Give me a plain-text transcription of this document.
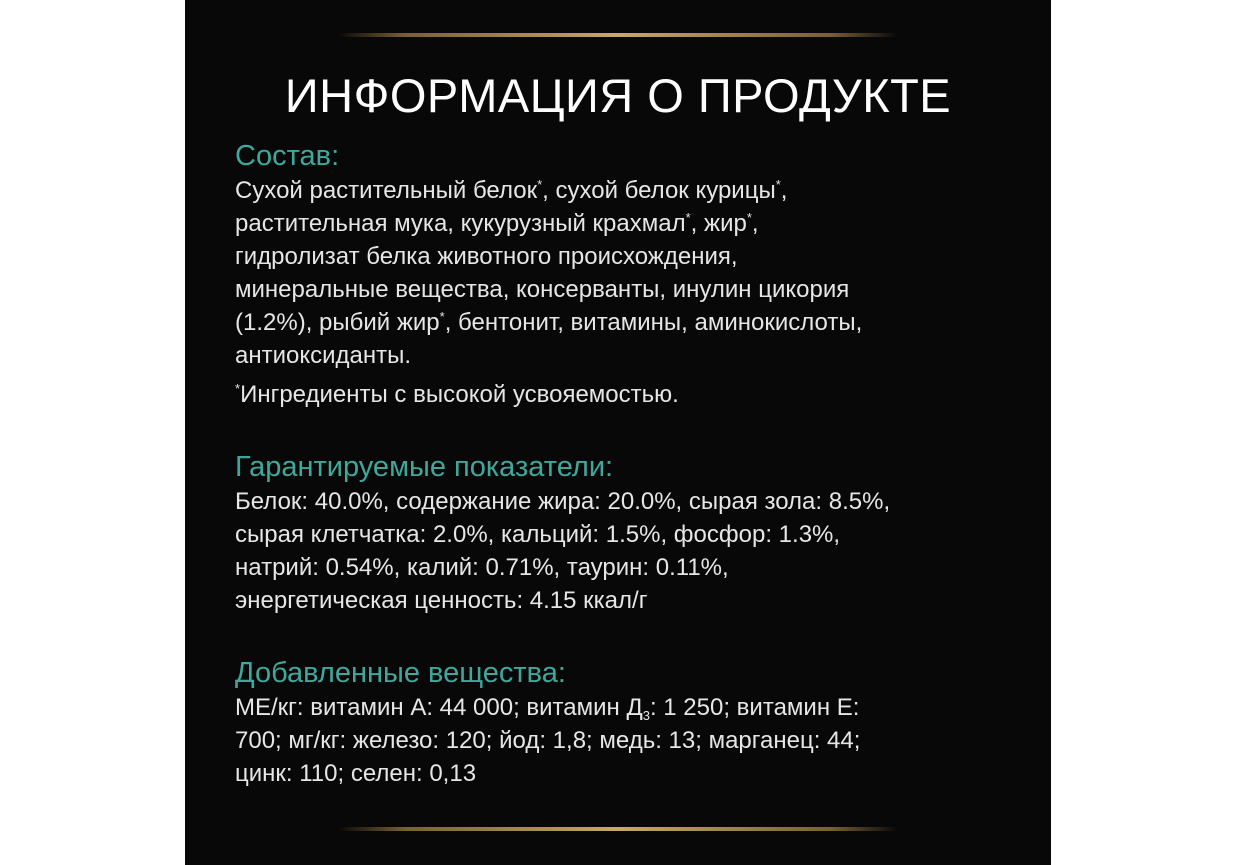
ИНФОРМАЦИЯ О ПРОДУКТЕ
Состав:

Сухой растительный белок*, сухой белок курицы*,
растительная мука, кукурузный крахмал*, жир*,
гидролизат белка животного происхождения,
минеральные вещества, консерванты, инулин цикория
(1.2%), рыбий жир*, бентонит, витамины, аминокислоты,
антиоксиданты.

*Ингредиенты с высокой усвояемостью.

Гарантируемые показатели:

Белок: 40.0%, содержание жира: 20.0%, сырая зола: 8.5%,
сырая клетчатка: 2.0%, кальций: 1.5%, фосфор: 1.3%,
натрий: 0.54%, калий: 0.71%, таурин: 0.11%,
энергетическая ценность: 4.15 ккал/г

Добавленные вещества:

МЕ/кг: витамин А: 44 000; витамин $Д_3$: 1 250; витамин Е:
700; мг/кг: железо: 120; йод: 1,8; медь: 13; марганец: 44;
цинк: 110; селен: 0,13
